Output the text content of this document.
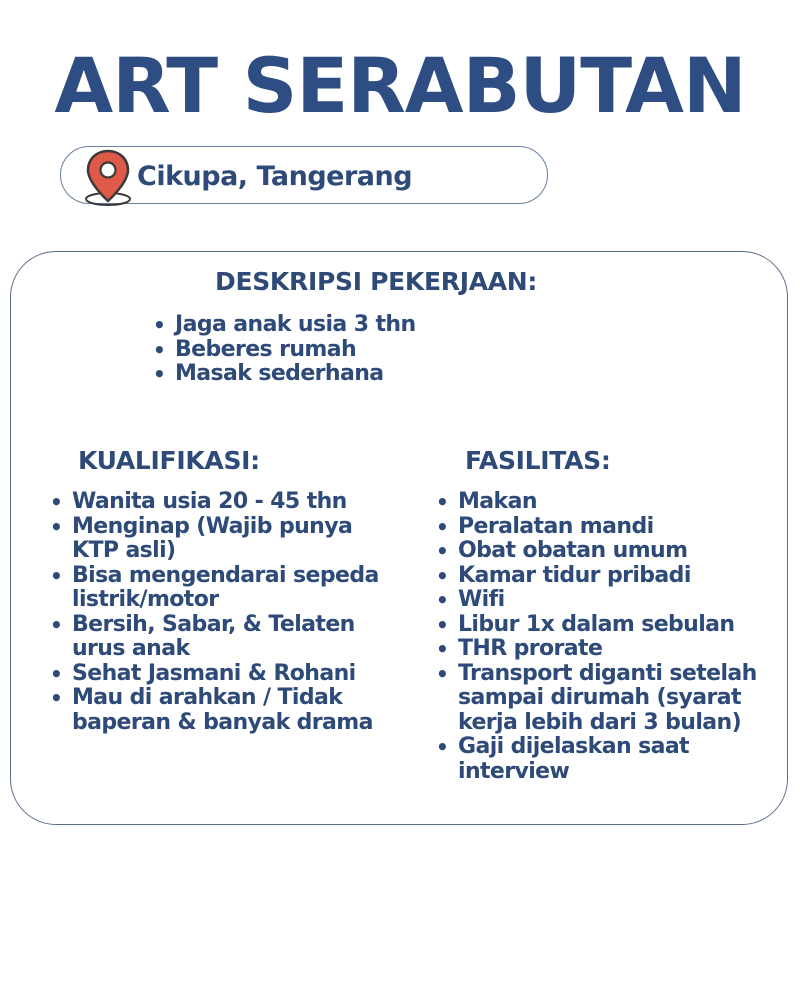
ART SERABUTAN
Cikupa, Tangerang
DESKRIPSI PEKERJAAN:
• Jaga anak usia 3 thn
• Beberes rumah
• Masak sederhana
KUALIFIKASI:
• Wanita usia 20 - 45 thn
• Menginap (Wajib punya KTP asli)
• Bisa mengendarai sepeda listrik/motor
• Bersih, Sabar, & Telaten urus anak
• Sehat Jasmani & Rohani
• Mau di arahkan / Tidak baperan & banyak drama
FASILITAS:
• Makan
• Peralatan mandi
• Obat obatan umum
• Kamar tidur pribadi
• Wifi
• Libur 1x dalam sebulan
• THR prorate
• Transport diganti setelah sampai dirumah (syarat kerja lebih dari 3 bulan)
• Gaji dijelaskan saat interview
